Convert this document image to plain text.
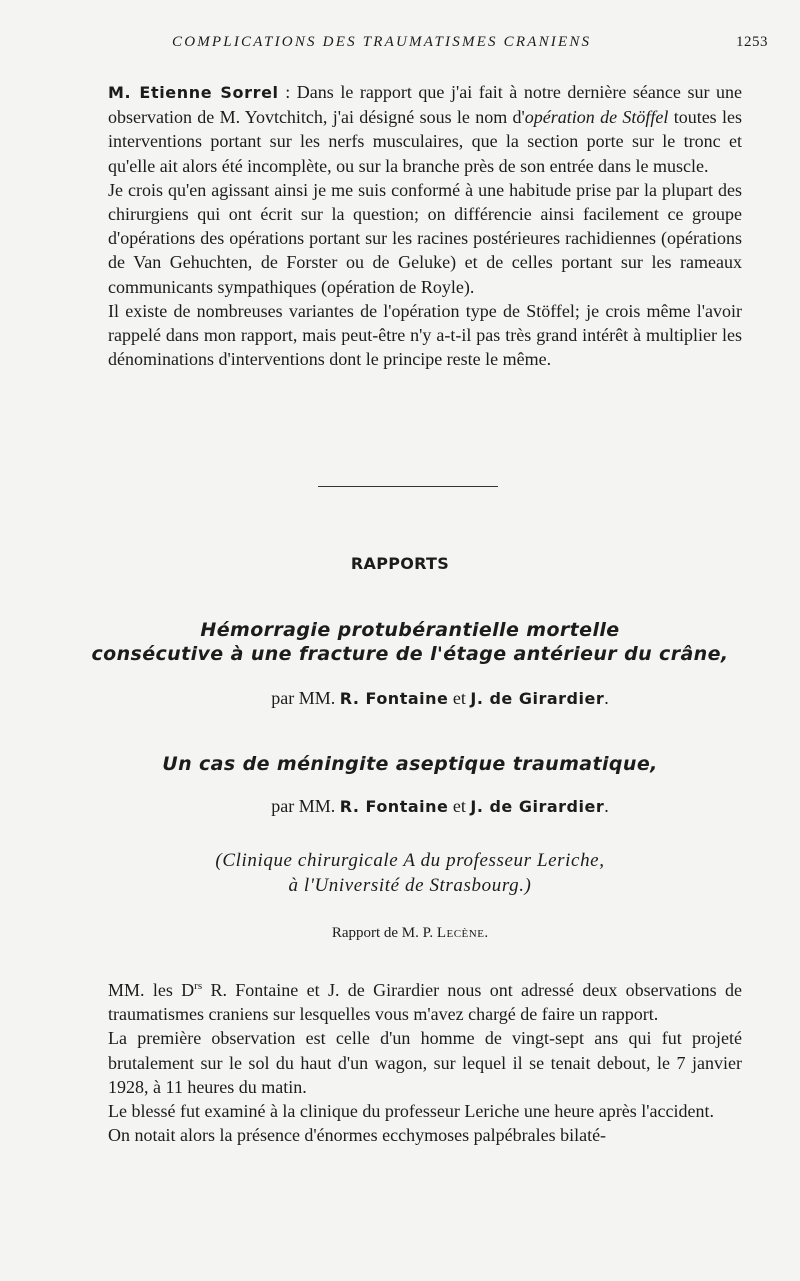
COMPLICATIONS DES TRAUMATISMES CRANIENS	1253

M. Etienne Sorrel : Dans le rapport que j'ai fait à notre dernière séance sur une observation de M. Yovtchitch, j'ai désigné sous le nom d'opération de Stöffel toutes les interventions portant sur les nerfs musculaires, que la section porte sur le tronc et qu'elle ait alors été incomplète, ou sur la branche près de son entrée dans le muscle.

Je crois qu'en agissant ainsi je me suis conformé à une habitude prise par la plupart des chirurgiens qui ont écrit sur la question; on différencie ainsi facilement ce groupe d'opérations des opérations portant sur les racines postérieures rachidiennes (opérations de Van Gehuchten, de Forster ou de Geluke) et de celles portant sur les rameaux communicants sympathiques (opération de Royle).

Il existe de nombreuses variantes de l'opération type de Stöffel; je crois même l'avoir rappelé dans mon rapport, mais peut-être n'y a-t-il pas très grand intérêt à multiplier les dénominations d'interventions dont le principe reste le même.

RAPPORTS
Hémorragie protubérantielle mortelle
consécutive à une fracture de l'étage antérieur du crâne,
par MM. R. Fontaine et J. de Girardier.
Un cas de méningite aseptique traumatique,
par MM. R. Fontaine et J. de Girardier.
(Clinique chirurgicale A du professeur Leriche,
à l'Université de Strasbourg.)
Rapport de M. P. Lecène.

MM. les $D^{rs}$ R. Fontaine et J. de Girardier nous ont adressé deux observations de traumatismes craniens sur lesquelles vous m'avez chargé de faire un rapport.

La première observation est celle d'un homme de vingt-sept ans qui fut projeté brutalement sur le sol du haut d'un wagon, sur lequel il se tenait debout, le 7 janvier 1928, à 11 heures du matin.

Le blessé fut examiné à la clinique du professeur Leriche une heure après l'accident.

On notait alors la présence d'énormes ecchymoses palpébrales bilaté-
